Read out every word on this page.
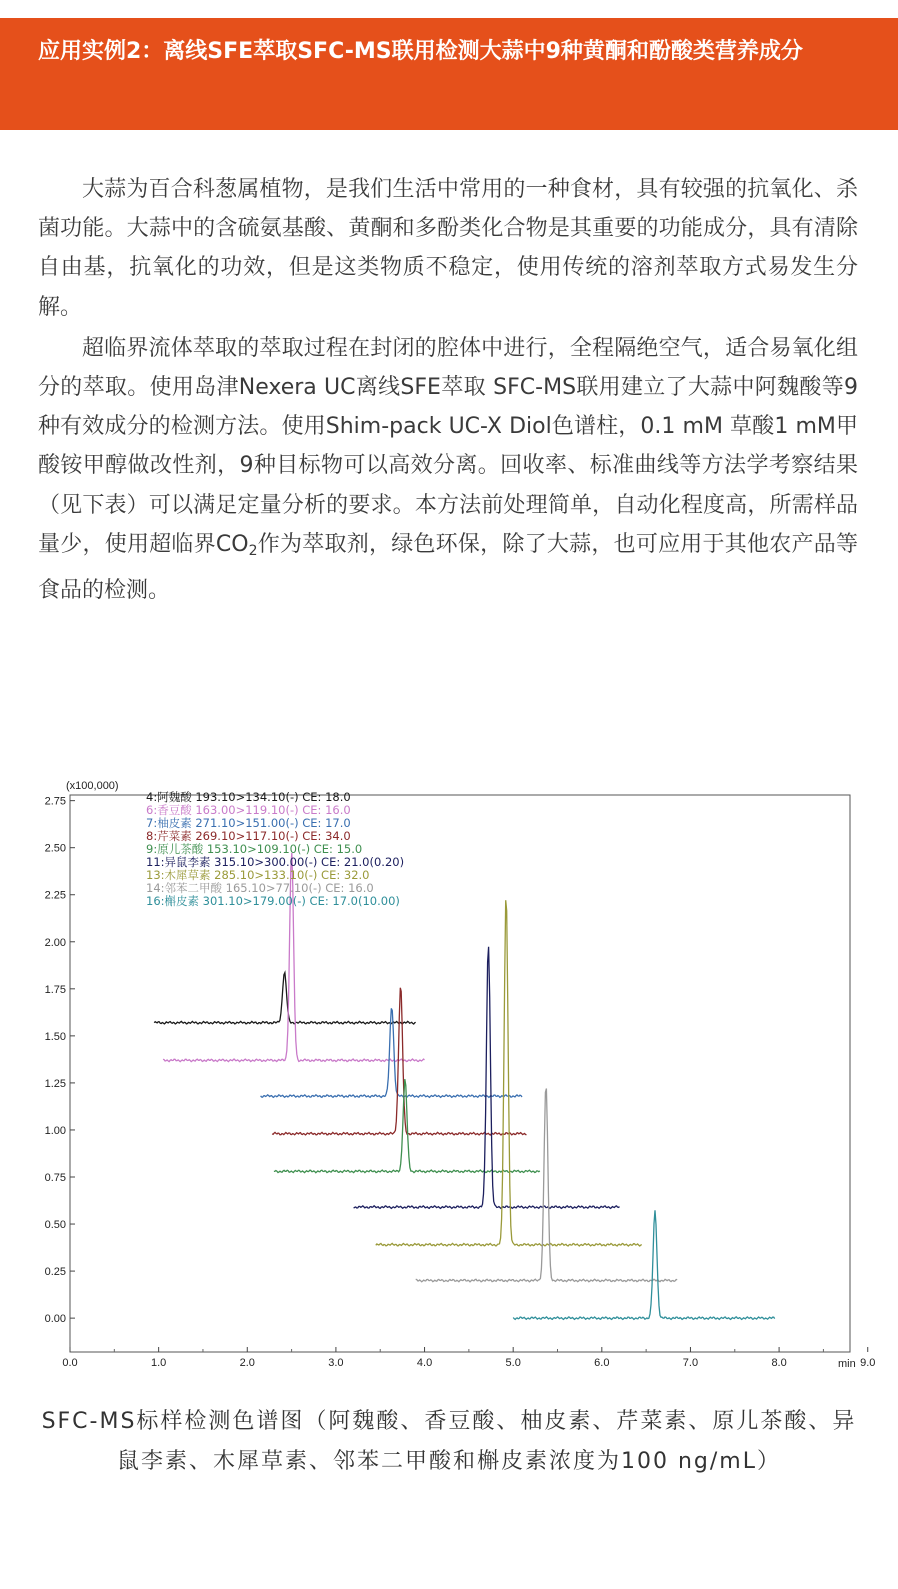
应用实例2：离线SFE萃取SFC-MS联用检测大蒜中9种黄酮和酚酸类营养成分

大蒜为百合科葱属植物，是我们生活中常用的一种食材，具有较强的抗氧化、杀菌功能。大蒜中的含硫氨基酸、黄酮和多酚类化合物是其重要的功能成分，具有清除自由基，抗氧化的功效，但是这类物质不稳定，使用传统的溶剂萃取方式易发生分解。

超临界流体萃取的萃取过程在封闭的腔体中进行，全程隔绝空气，适合易氧化组分的萃取。使用岛津Nexera UC离线SFE萃取 SFC-MS联用建立了大蒜中阿魏酸等9种有效成分的检测方法。使用Shim-pack UC-X Diol色谱柱，0.1 mM 草酸1 mM甲酸铵甲醇做改性剂，9种目标物可以高效分离。回收率、标准曲线等方法学考察结果（见下表）可以满足定量分析的要求。本方法前处理简单，自动化程度高，所需样品量少，使用超临界$CO_2$作为萃取剂，绿色环保，除了大蒜，也可应用于其他农产品等食品的检测。

(x100,000)
min
0.00
0.25
0.50
0.75
1.00
1.25
1.50
1.75
2.00
2.25
2.50
2.75
0.0	1.0	2.0	3.0	4.0	5.0	6.0	7.0	8.0	9.0
4:阿魏酸 193.10>134.10(-) CE: 18.0
6:香豆酸 163.00>119.10(-) CE: 16.0
7:柚皮素 271.10>151.00(-) CE: 17.0
8:芹菜素 269.10>117.10(-) CE: 34.0
9:原儿茶酸 153.10>109.10(-) CE: 15.0
11:异鼠李素 315.10>300.00(-) CE: 21.0(0.20)
13:木犀草素 285.10>133.10(-) CE: 32.0
14:邻苯二甲酸 165.10>77.10(-) CE: 16.0
16:槲皮素 301.10>179.00(-) CE: 17.0(10.00)

SFC-MS标样检测色谱图（阿魏酸、香豆酸、柚皮素、芹菜素、原儿茶酸、异鼠李素、木犀草素、邻苯二甲酸和槲皮素浓度为100 ng/mL）
